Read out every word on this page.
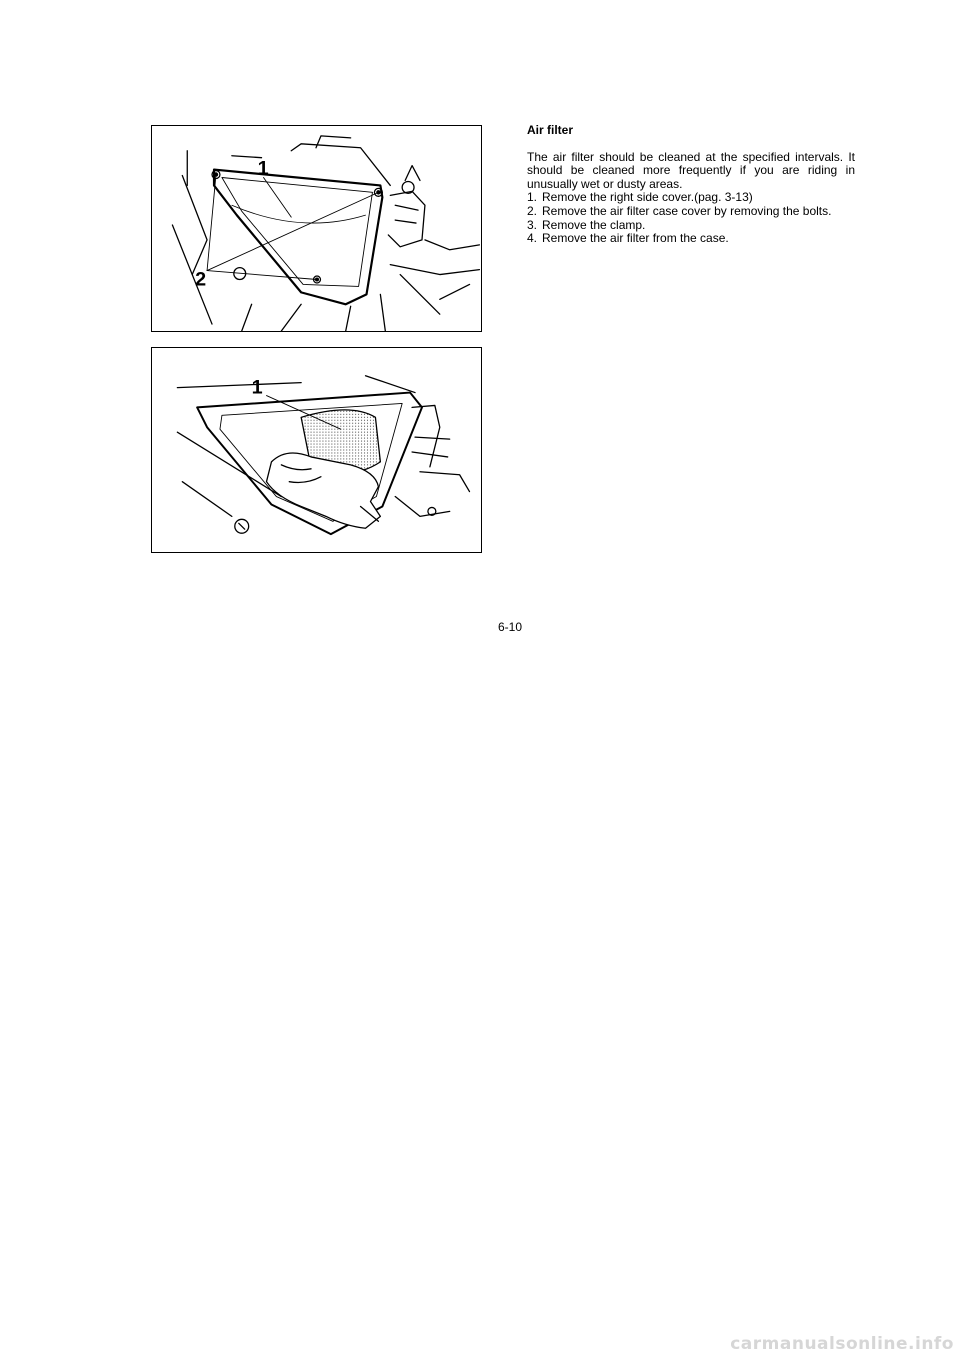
1
2
1
Air filter

The air filter should be cleaned at the specified intervals. It should be cleaned more frequently if you are riding in unusually wet or dusty areas.

1. Remove the right side cover.(pag. 3-13)
2. Remove the air filter case cover by removing the bolts.
3. Remove the clamp.
4. Remove the air filter from the case.
6-10
carmanualsonline.info
